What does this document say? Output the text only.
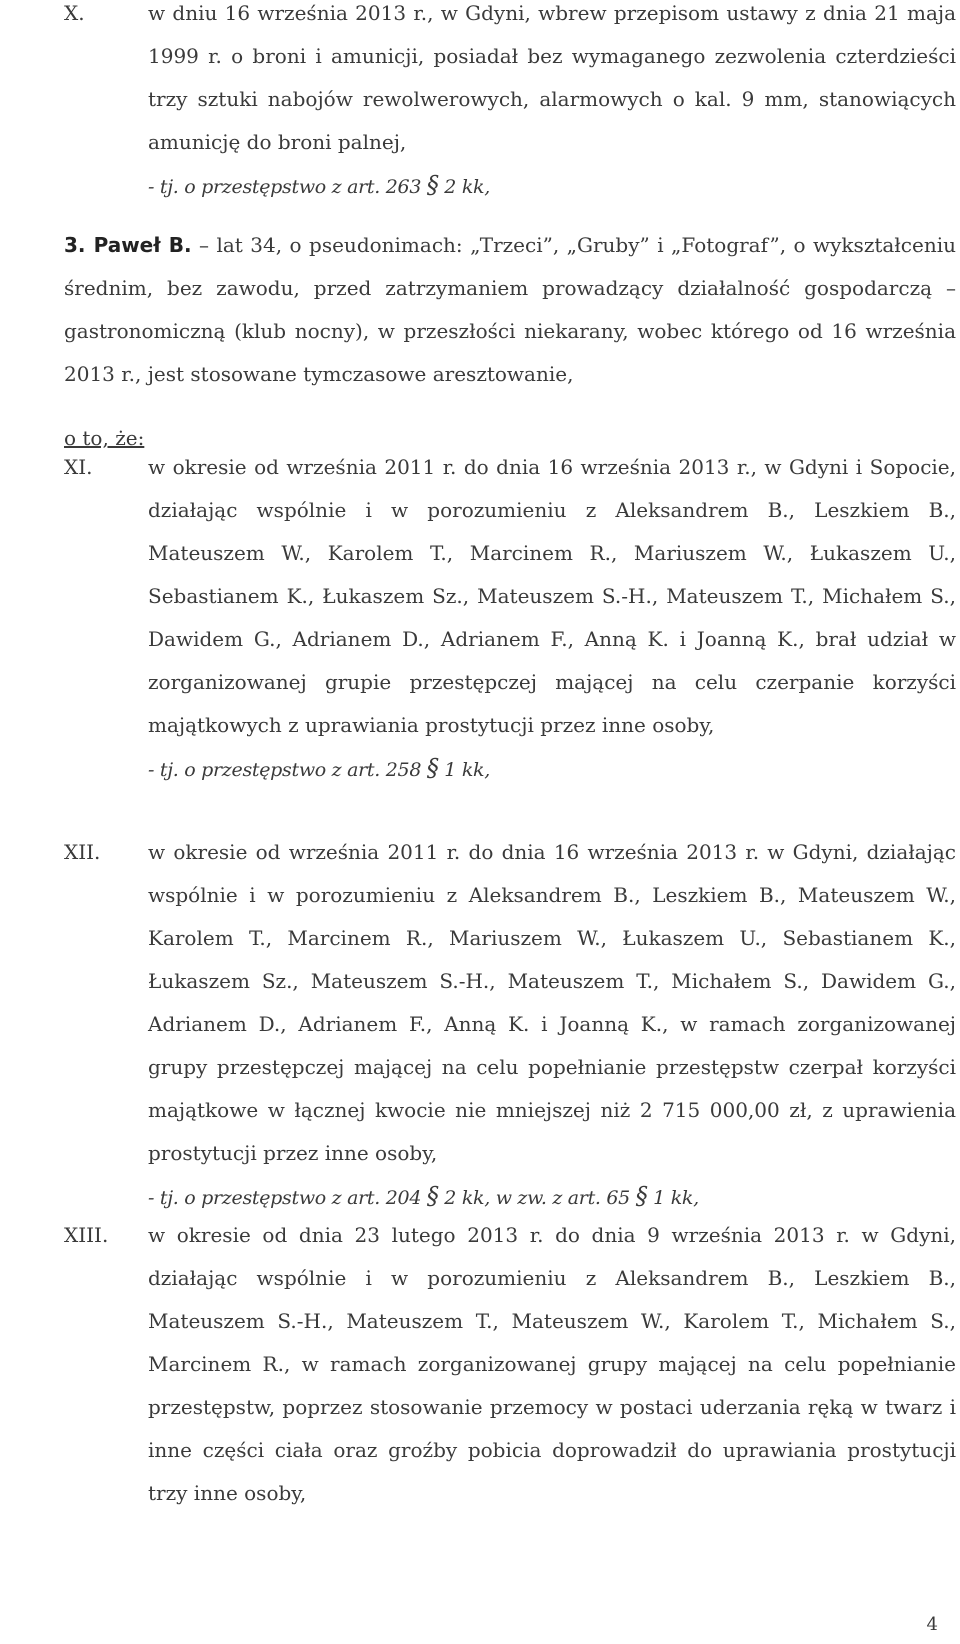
X.	w dniu 16 września 2013 r., w Gdyni, wbrew przepisom ustawy z dnia 21 maja 1999 r. o broni i amunicji, posiadał bez wymaganego zezwolenia czterdzieści trzy sztuki nabojów rewolwerowych, alarmowych o kal. 9 mm, stanowiących amunicję do broni palnej,

- tj. o przestępstwo z art. 263 § 2 kk,

3. Paweł B. – lat 34, o pseudonimach: „Trzeci”, „Gruby” i „Fotograf”, o wykształceniu średnim, bez zawodu, przed zatrzymaniem prowadzący działalność gospodarczą – gastronomiczną (klub nocny), w przeszłości niekarany, wobec którego od 16 września 2013 r., jest stosowane tymczasowe aresztowanie,
o to, że:
XI.	w okresie od września 2011 r. do dnia 16 września 2013 r., w Gdyni i Sopocie, działając wspólnie i w porozumieniu z Aleksandrem B., Leszkiem B., Mateuszem W., Karolem T., Marcinem R., Mariuszem W., Łukaszem U., Sebastianem K., Łukaszem Sz., Mateuszem S.-H., Mateuszem T., Michałem S., Dawidem G., Adrianem D., Adrianem F., Anną K. i Joanną K., brał udział w zorganizowanej grupie przestępczej mającej na celu czerpanie korzyści majątkowych z uprawiania prostytucji przez inne osoby,

- tj. o przestępstwo z art. 258 § 1 kk,

XII. w okresie od września 2011 r. do dnia 16 września 2013 r. w Gdyni, działając wspólnie i w porozumieniu z Aleksandrem B., Leszkiem B., Mateuszem W., Karolem T., Marcinem R., Mariuszem W., Łukaszem U., Sebastianem K., Łukaszem Sz., Mateuszem S.-H., Mateuszem T., Michałem S., Dawidem G., Adrianem D., Adrianem F., Anną K. i Joanną K., w ramach zorganizowanej grupy przestępczej mającej na celu popełnianie przestępstw czerpał korzyści majątkowe w łącznej kwocie nie mniejszej niż 2 715 000,00 zł, z uprawienia prostytucji przez inne osoby,

- tj. o przestępstwo z art. 204 § 2 kk, w zw. z art. 65 § 1 kk,

XIII. w okresie od dnia 23 lutego 2013 r. do dnia 9 września 2013 r. w Gdyni, działając wspólnie i w porozumieniu z Aleksandrem B., Leszkiem B., Mateuszem S.-H., Mateuszem T., Mateuszem W., Karolem T., Michałem S., Marcinem R., w ramach zorganizowanej grupy mającej na celu popełnianie przestępstw, poprzez stosowanie przemocy w postaci uderzania ręką w twarz i inne części ciała oraz groźby pobicia doprowadził do uprawiania prostytucji trzy inne osoby,

4
